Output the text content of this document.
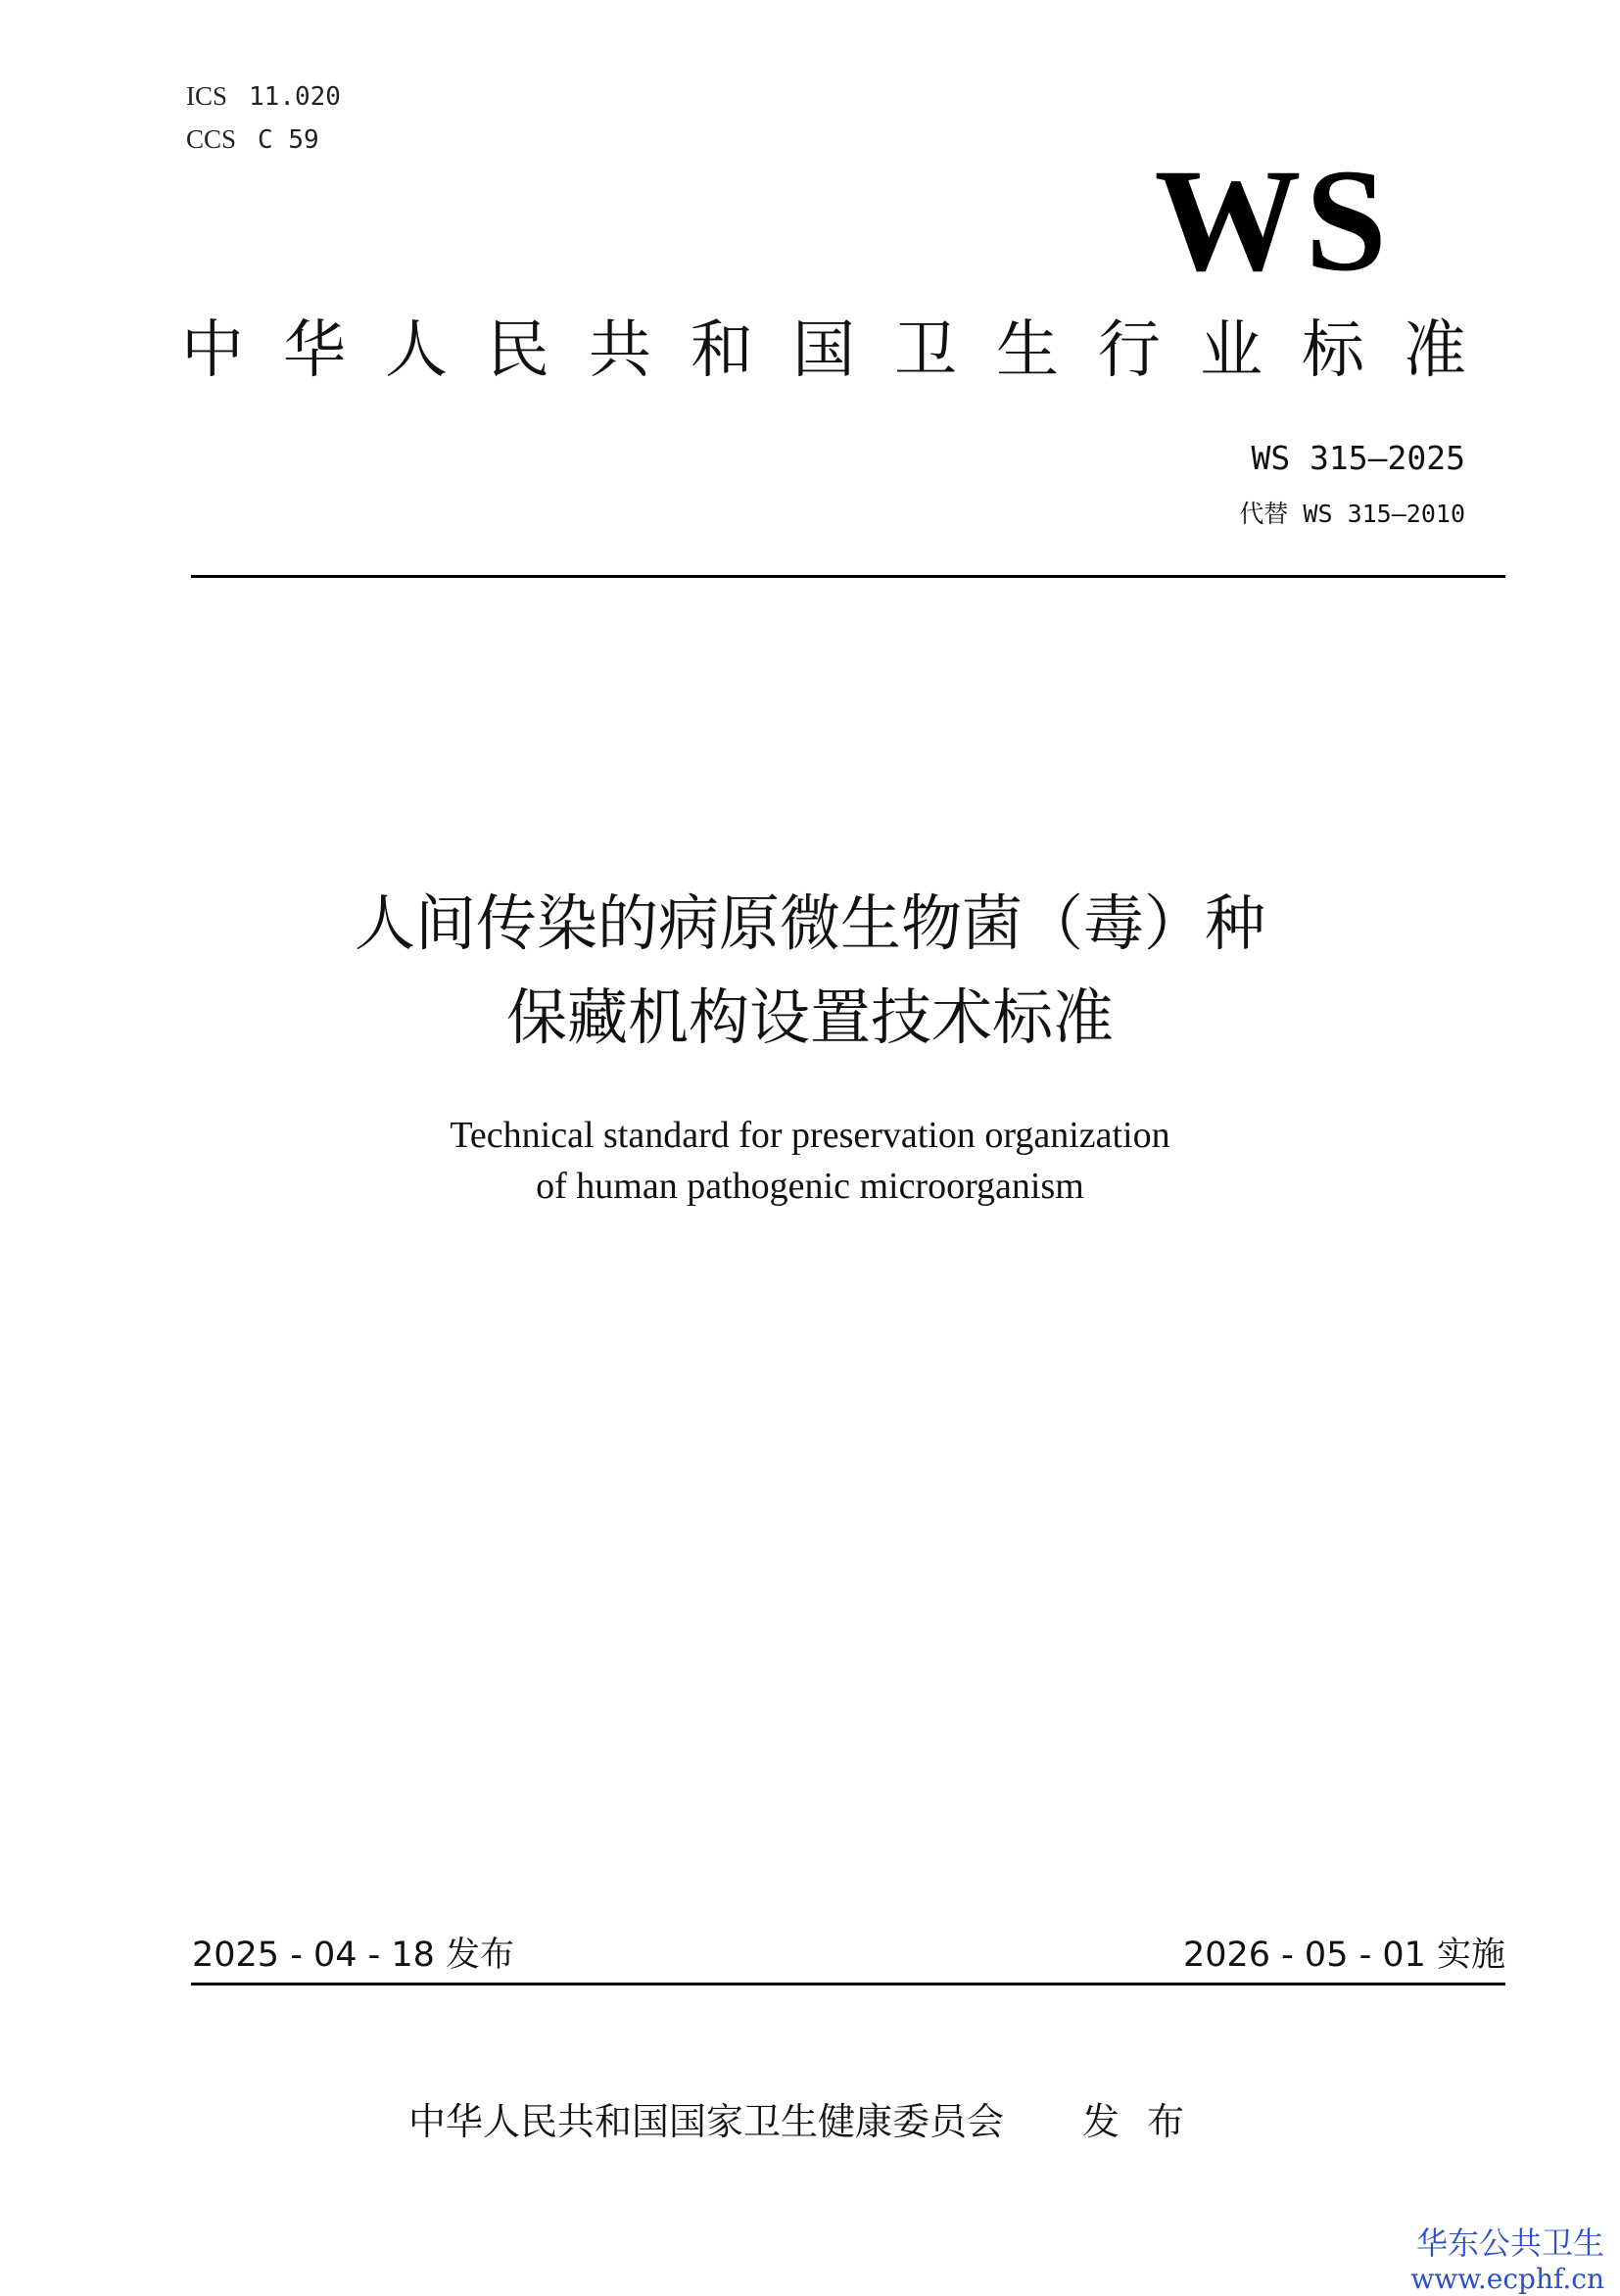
ICS 11.020
CCS C 59	WS
中华人民共和国卫生行业标准
WS 315—2025
代替 WS 315—2010
人间传染的病原微生物菌（毒）种
保藏机构设置技术标准
Technical standard for preservation organization
of human pathogenic microorganism
2025 - 04 - 18 发布	2026 - 05 - 01 实施
中华人民共和国国家卫生健康委员会 发布
华东公共卫生
www.ecphf.cn
